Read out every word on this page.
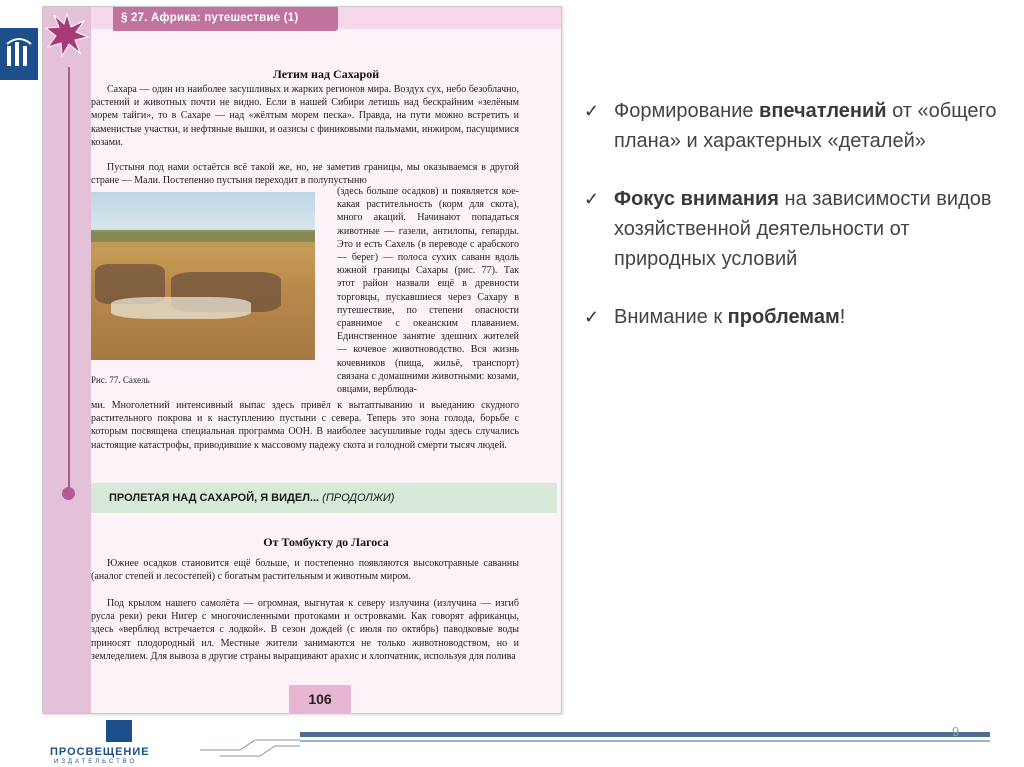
§ 27. Африка: путешествие (1)
Летим над Сахарой

Сахара — один из наиболее засушливых и жарких регионов мира. Воздух сух, небо безоблачно, растений и животных почти не видно. Если в нашей Сибири летишь над бескрайним «зелёным морем тайги», то в Сахаре — над «жёлтым морем песка». Правда, на пути можно встретить и каменистые участки, и нефтяные вышки, и оазисы с финиковыми пальмами, инжиром, пасущимися козами.

Пустыня под нами остаётся всё такой же, но, не заметив границы, мы оказываемся в другой стране — Мали. Постепенно пустыня переходит в полупустыню

Рис. 77. Сахель

(здесь больше осадков) и появляется кое-какая растительность (корм для скота), много акаций. Начинают попадаться животные — газели, антилопы, гепарды. Это и есть Сахель (в переводе с арабского — берег) — полоса сухих саванн вдоль южной границы Сахары (рис. 77). Так этот район назвали ещё в древности торговцы, пускавшиеся через Сахару в путешествие, по степени опасности сравнимое с океанским плаванием. Единственное занятие здешних жителей — кочевое животноводство. Вся жизнь кочевников (пища, жильё, транспорт) связана с домашними животными: козами, овцами, верблюда-

ми. Многолетний интенсивный выпас здесь привёл к вытаптыванию и выеданию скудного растительного покрова и к наступлению пустыни с севера. Теперь это зона голода, борьбе с которым посвящена специальная программа ООН. В наиболее засушливые годы здесь случались настоящие катастрофы, приводившие к массовому падежу скота и голодной смерти тысяч людей.

ПРОЛЕТАЯ НАД САХАРОЙ, Я ВИДЕЛ... (ПРОДОЛЖИ)
От Томбукту до Лагоса

Южнее осадков становится ещё больше, и постепенно появляются высокотравные саванны (аналог степей и лесостепей) с богатым растительным и животным миром.

Под крылом нашего самолёта — огромная, выгнутая к северу излучина (излучина — изгиб русла реки) реки Нигер с многочисленными протоками и островками. Как говорят африканцы, здесь «верблюд встречается с лодкой». В сезон дождей (с июля по октябрь) паводковые воды приносят плодородный ил. Местные жители занимаются не только животноводством, но и земледелием. Для вывоза в другие страны выращивают арахис и хлопчатник, используя для полива

106
✓ Формирование впечатлений от «общего плана» и характерных «деталей»
✓ Фокус внимания на зависимости видов хозяйственной деятельности от природных условий
✓ Внимание к проблемам!
ПРОСВЕЩЕНИЕ
ИЗДАТЕЛЬСТВО
9
